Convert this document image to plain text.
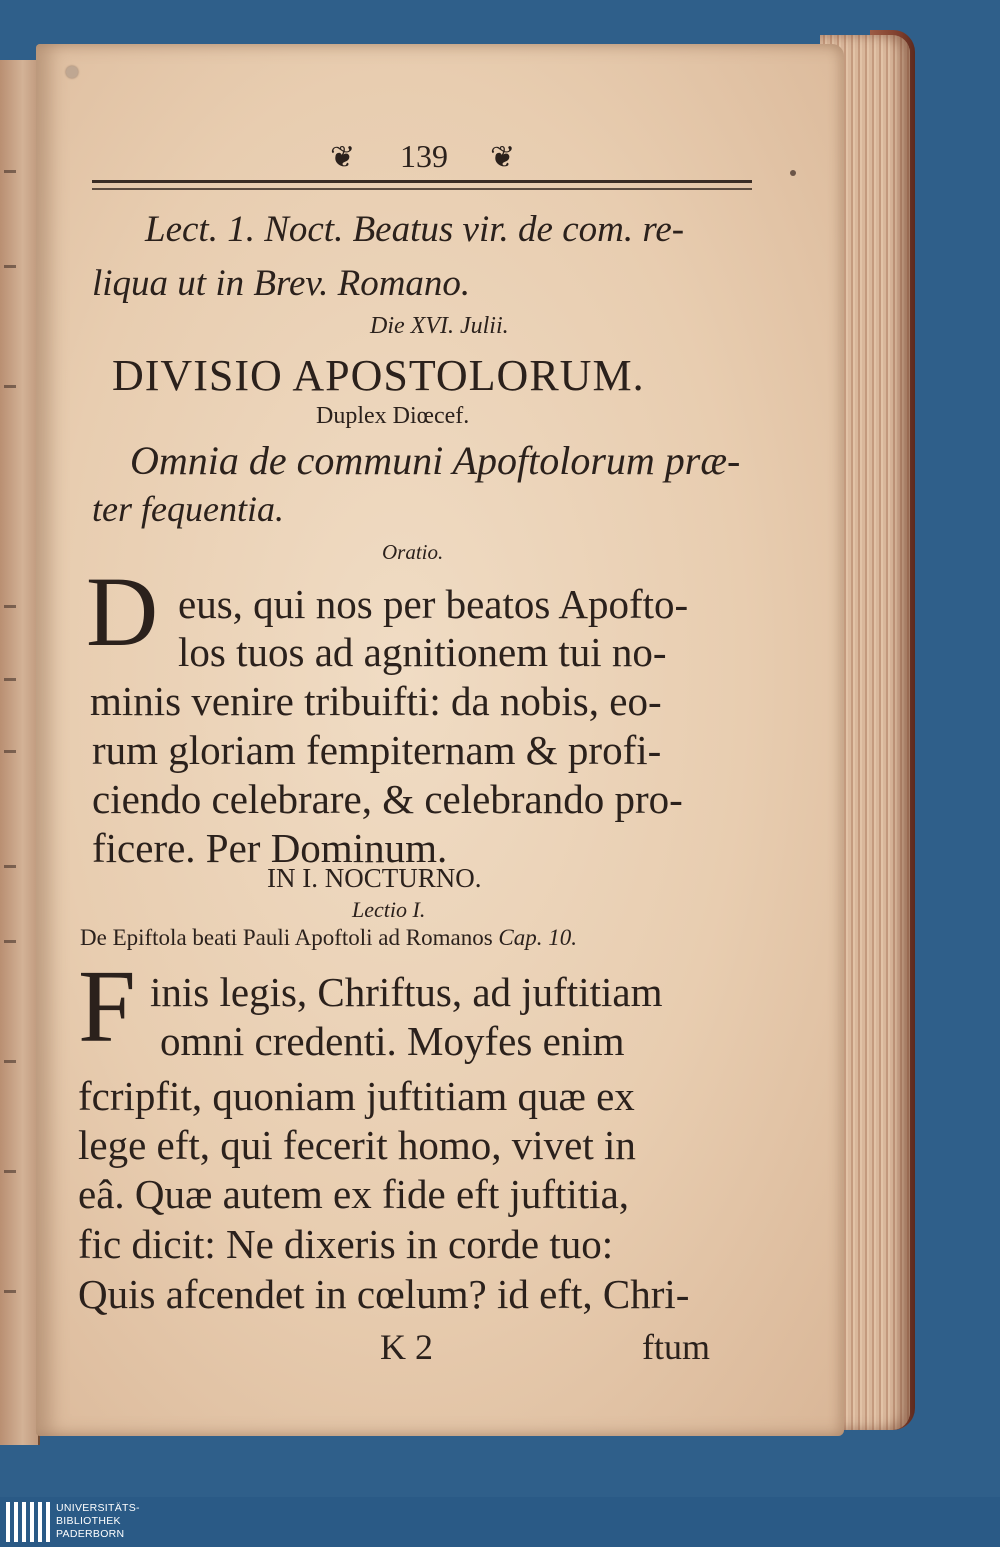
❦ 139 ❦
Lect. 1. Noct. Beatus vir. de com. re-
liqua ut in Brev. Romano.
Die XVI. Julii.
DIVISIO APOSTOLORUM.
Duplex Diœcef.
Omnia de communi Apoftolorum præ-
ter fequentia.
Oratio.
D eus, qui nos per beatos Apofto-
los tuos ad agnitionem tui no-
minis venire tribuifti: da nobis, eo-
rum gloriam fempiternam & profi-
ciendo celebrare, & celebrando pro-
ficere. Per Dominum.
IN I. NOCTURNO.
Lectio I.
De Epiftola beati Pauli Apoftoli ad Romanos Cap. 10.
F inis legis, Chriftus, ad juftitiam
omni credenti. Moyfes enim
fcripfit, quoniam juftitiam quæ ex
lege eft, qui fecerit homo, vivet in
eâ. Quæ autem ex fide eft juftitia,
fic dicit: Ne dixeris in corde tuo:
Quis afcendet in cœlum? id eft, Chri-
K 2	ftum
UNIVERSITÄTS-
BIBLIOTHEK
PADERBORN
